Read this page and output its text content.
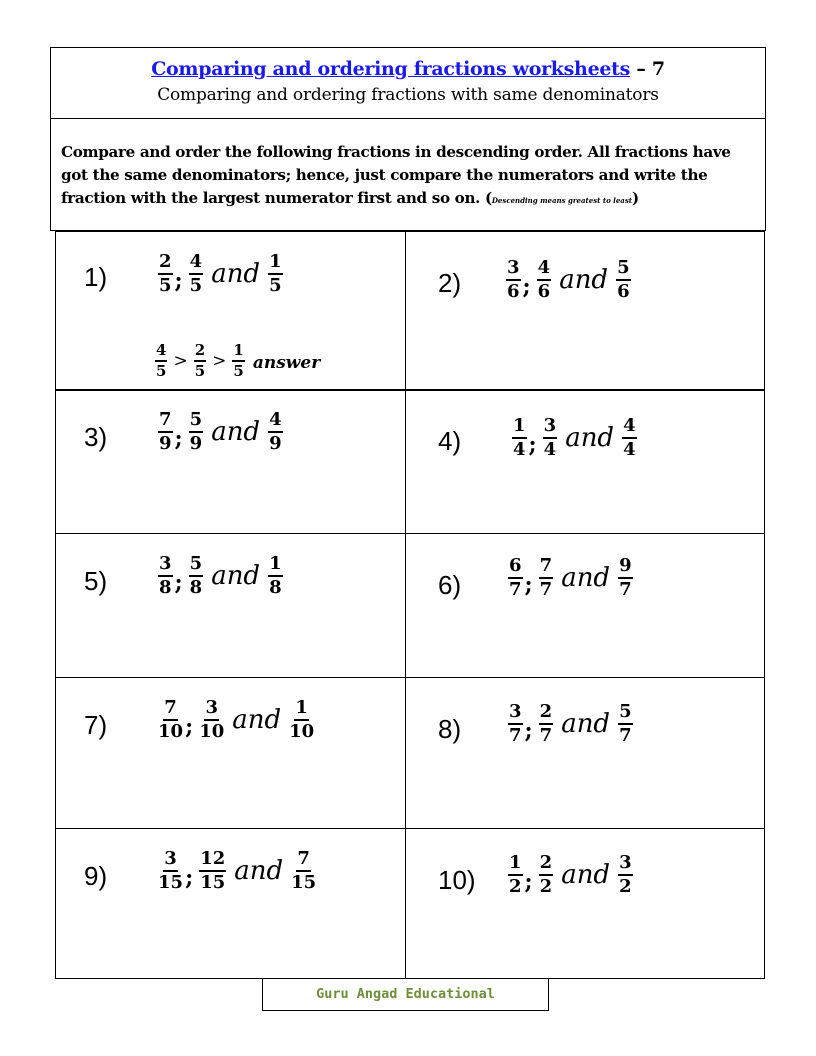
Comparing and ordering fractions worksheets – 7
Comparing and ordering fractions with same denominators
Compare and order the following fractions in descending order. All fractions have got the same denominators; hence, just compare the numerators and write the fraction with the largest numerator first and so on. (Descending means greatest to least)
1)	$\frac{2}{5}$ ; $\frac{4}{5}$ and $\frac{1}{5}$
$\frac{4}{5} > \frac{2}{5} > \frac{1}{5}$ answer
$2) \frac{3}{6}$ ; $\frac{4}{6}$ and $\frac{5}{6}$
3)	$\frac{7}{9}$ ; $\frac{5}{9}$ and $\frac{4}{9}$	4)	$\frac{1}{4}$ ; $\frac{3}{4}$ and $\frac{4}{4}$
5)	$\frac{3}{8}$ ; $\frac{5}{8}$ and $\frac{1}{8}$	6)	$\frac{6}{7}$ ; $\frac{7}{7}$ and $\frac{9}{7}$
7)	$\frac{7}{10}$ ; $\frac{3}{10}$ and $\frac{1}{10}$	8)	$\frac{3}{7}$ ; $\frac{2}{7}$ and $\frac{5}{7}$
9)	$\frac{3}{15}$ ; $\frac{12}{15}$ and $\frac{7}{15}$	$10) \frac{1}{2}$ ; $\frac{2}{2}$ and $\frac{3}{2}$
Guru Angad Educational
